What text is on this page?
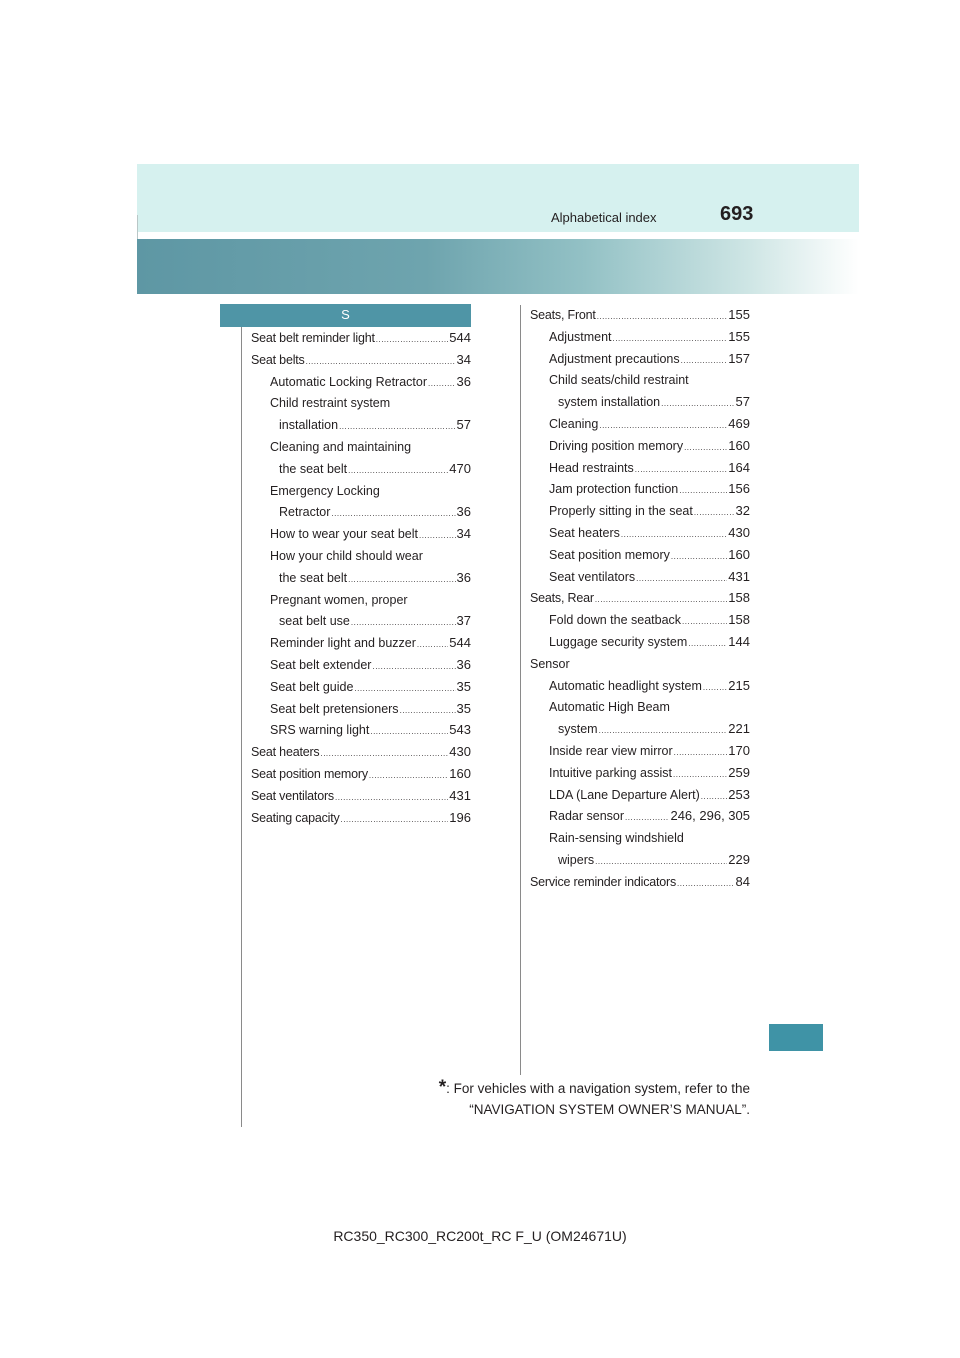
Alphabetical index	693
S
Seat belt reminder light .....	544
Seat belts .....	34
Automatic Locking Retractor ..... 36
Child restraint system
installation .....	57
Cleaning and maintaining
the seat belt .....	470
Emergency Locking
Retractor .....	36
How to wear your seat belt .....	34
How your child should wear
the seat belt .....	36
Pregnant women, proper
seat belt use .....	37
Reminder light and buzzer .....	544
Seat belt extender .....	36
Seat belt guide .....	35
Seat belt pretensioners .....	35
SRS warning light .....	543
Seat heaters .....	430
Seat position memory .....	160
Seat ventilators .....	431
Seating capacity .....	196
Seats, Front .....	155
Adjustment .....	155
Adjustment precautions .....	157
Child seats/child restraint
system installation .....	57
Cleaning .....	469
Driving position memory .....	160
Head restraints .....	164
Jam protection function .....	156
Properly sitting in the seat .....	32
Seat heaters .....	430
Seat position memory .....	160
Seat ventilators .....	431
Seats, Rear .....	158
Fold down the seatback .....	158
Luggage security system .....	144
Sensor
Automatic headlight system ..... 215
Automatic High Beam
system .....	221
Inside rear view mirror .....	170
Intuitive parking assist .....	259
LDA (Lane Departure Alert) ..... 253
Radar sensor .....	246, 296, 305
Rain-sensing windshield
wipers .....	229
Service reminder indicators .....	84
*: For vehicles with a navigation system, refer to the
“NAVIGATION SYSTEM OWNER’S MANUAL”.
RC350_RC300_RC200t_RC F_U (OM24671U)
